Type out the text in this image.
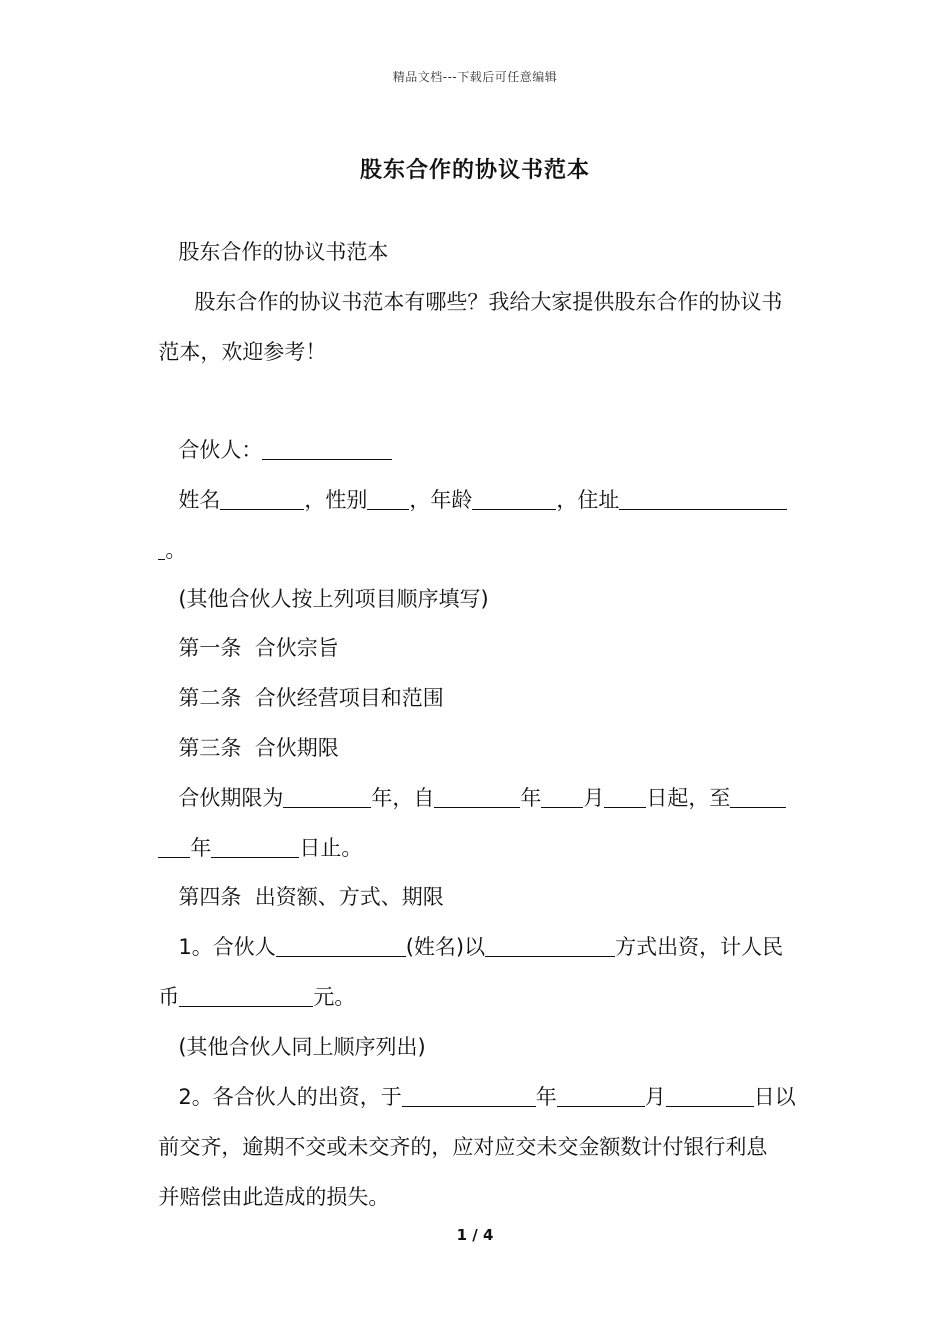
精品文档---下载后可任意编辑
股东合作的协议书范本

股东合作的协议书范本

股东合作的协议书范本有哪些？我给大家提供股东合作的协议书

范本，欢迎参考！

合伙人：

姓名	，性别 ，年龄	，住址

。

(其他合伙人按上列项目顺序填写)

第一条  合伙宗旨

第二条  合伙经营项目和范围

第三条  合伙期限

合伙期限为	年，自	年 月 日起，至

年	日止。

第四条  出资额、方式、期限

1。合伙人	(姓名)以	方式出资，计人民

币	元。

(其他合伙人同上顺序列出)

2。各合伙人的出资，于	年	月	日以

前交齐，逾期不交或未交齐的，应对应交未交金额数计付银行利息

并赔偿由此造成的损失。

1 / 4
